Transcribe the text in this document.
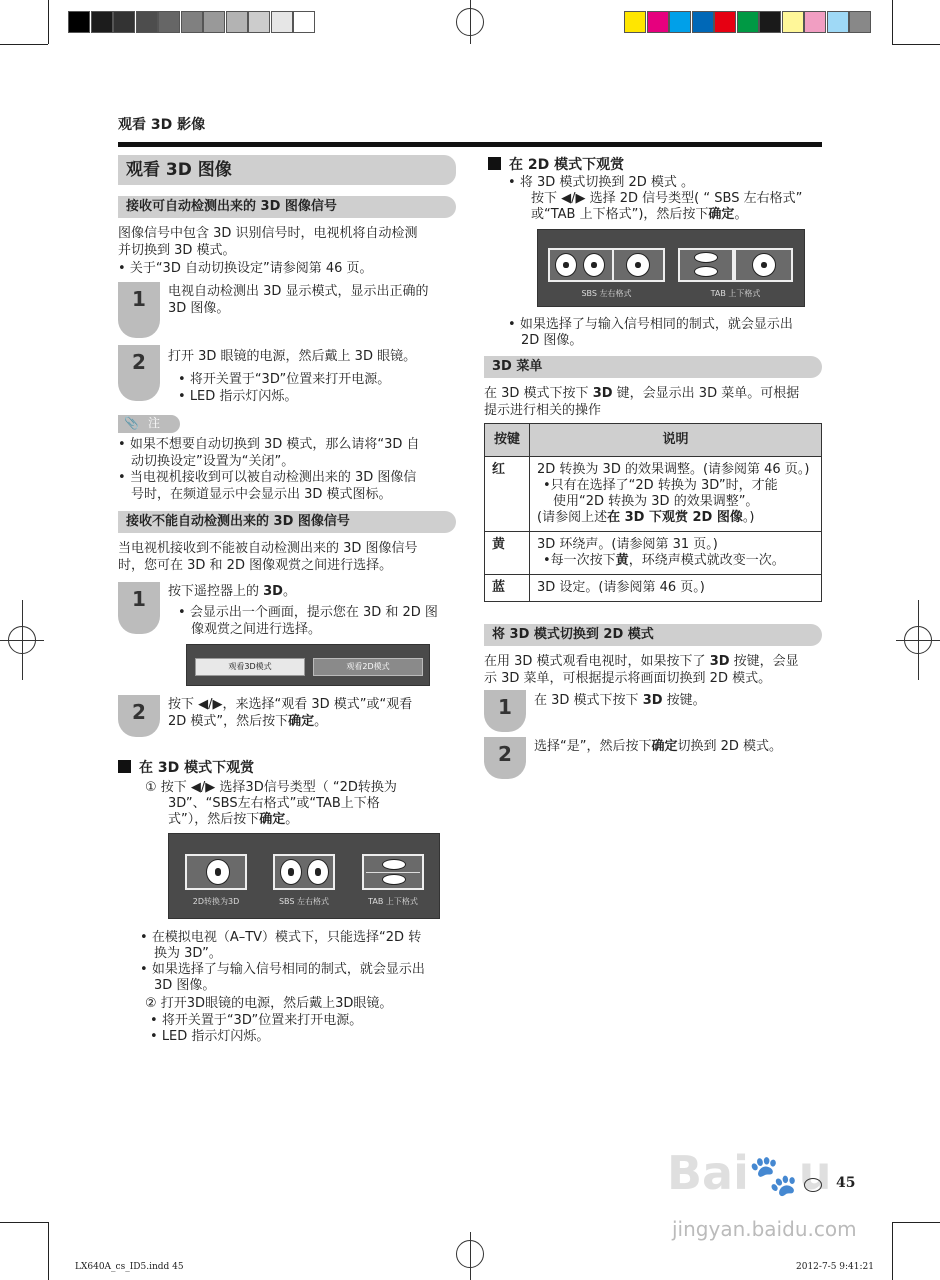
观看 3D 影像
观看 3D 图像
接收可自动检测出来的 3D 图像信号
图像信号中包含 3D 识别信号时，电视机将自动检测
并切换到 3D 模式。
• 关于“3D 自动切换设定”请参阅第 46 页。
1	电视自动检测出 3D 显示模式，显示出正确的
3D 图像。
2	打开 3D 眼镜的电源，然后戴上 3D 眼镜。
• 将开关置于“3D”位置来打开电源。
• LED 指示灯闪烁。
📎 注
• 如果不想要自动切换到 3D 模式，那么请将“3D 自
动切换设定”设置为“关闭”。
• 当电视机接收到可以被自动检测出来的 3D 图像信
号时，在频道显示中会显示出 3D 模式图标。
接收不能自动检测出来的 3D 图像信号
当电视机接收到不能被自动检测出来的 3D 图像信号
时，您可在 3D 和 2D 图像观赏之间进行选择。
1	按下遥控器上的 3D。
• 会显示出一个画面，提示您在 3D 和 2D 图
像观赏之间进行选择。
观看3D模式	观看2D模式
2	按下 ◀/▶，来选择“观看 3D 模式”或“观看
2D 模式”，然后按下确定。
在 3D 模式下观赏
① 按下 ◀/▶ 选择3D信号类型（ “2D转换为
3D”、“SBS左右格式”或“TAB上下格
式”），然后按下确定。
2D转换为3D	SBS 左右格式	TAB 上下格式
• 在模拟电视（A–TV）模式下，只能选择“2D 转
换为 3D”。
• 如果选择了与输入信号相同的制式，就会显示出
3D 图像。
② 打开3D眼镜的电源，然后戴上3D眼镜。
• 将开关置于“3D”位置来打开电源。
• LED 指示灯闪烁。
在 2D 模式下观赏
• 将 3D 模式切换到 2D 模式 。
按下 ◀/▶ 选择 2D 信号类型( “ SBS 左右格式”
或“TAB 上下格式”)，然后按下确定。
SBS 左右格式	TAB 上下格式
• 如果选择了与输入信号相同的制式，就会显示出
2D 图像。
3D 菜单
在 3D 模式下按下 3D 键，会显示出 3D 菜单。可根据
提示进行相关的操作
按键	说明
红	2D 转换为 3D 的效果调整。(请参阅第 46 页。)
•只有在选择了“2D 转换为 3D”时，才能
使用“2D 转换为 3D 的效果调整”。
(请参阅上述在 3D 下观赏 2D 图像。)

黄	3D 环绕声。(请参阅第 31 页。)
•每一次按下黄，环绕声模式就改变一次。

蓝	3D 设定。(请参阅第 46 页。)
将 3D 模式切换到 2D 模式
在用 3D 模式观看电视时，如果按下了 3D 按键，会显
示 3D 菜单，可根据提示将画面切换到 2D 模式。
1	在 3D 模式下按下 3D 按键。
2	选择“是”，然后按下确定切换到 2D 模式。
Bai🐾u 45
jingyan.baidu.com
LX640A_cs_ID5.indd 45	2012-7-5 9:41:21
